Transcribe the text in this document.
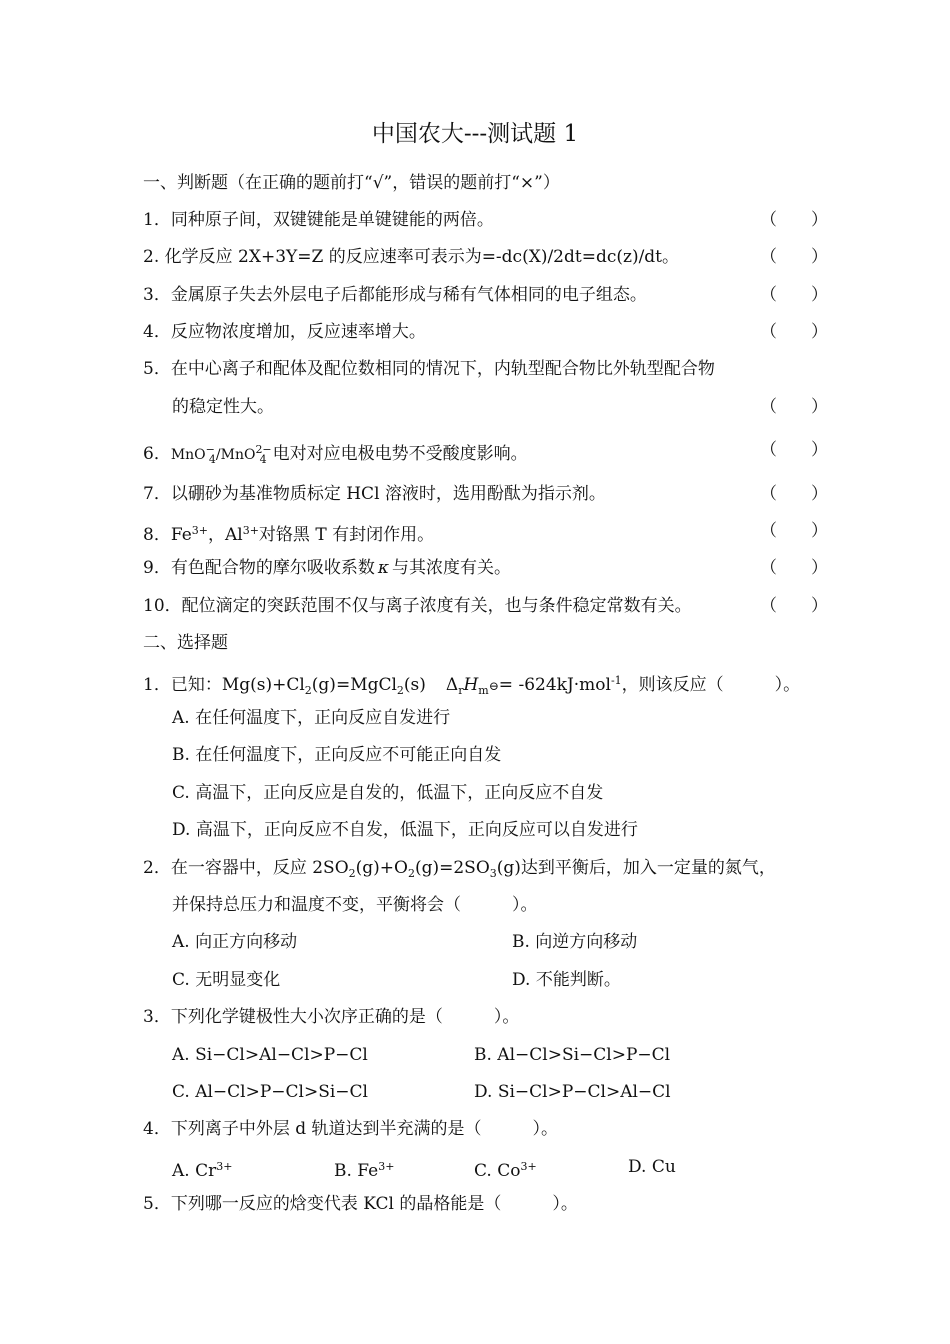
中国农大---测试题 1
一、判断题（在正确的题前打“√”，错误的题前打“×”）
1．同种原子间，双键键能是单键键能的两倍。	（　　）
2. 化学反应 2X+3Y=Z 的反应速率可表示为=-dc(X)/2dt=dc(z)/dt。	（　　）
3．金属原子失去外层电子后都能形成与稀有气体相同的电子组态。	（　　）
4．反应物浓度增加，反应速率增大。	（　　）
5．在中心离子和配体及配位数相同的情况下，内轨型配合物比外轨型配合物
的稳定性大。	（　　）
6．MnO−$_4$/MnO$^{2-}_4$ 电对对应电极电势不受酸度影响。	（　　）
7．以硼砂为基准物质标定 HCl 溶液时，选用酚酞为指示剂。	（　　）
8．$Fe^{3+}$，$Al^{3+}$对铬黑 T 有封闭作用。	（　　）
9．有色配合物的摩尔吸收系数 κ 与其浓度有关。	（　　）
10．配位滴定的突跃范围不仅与离子浓度有关，也与条件稳定常数有关。	（　　）
二、选择题
1．已知：$Mg(s)+Cl_2(g)=MgCl_2(s)$ $\Delta_rH_m⊖= -624kJ\cdot mol^{-1}$，则该反应（　　　）。
A. 在任何温度下，正向反应自发进行
B. 在任何温度下，正向反应不可能正向自发
C. 高温下，正向反应是自发的，低温下，正向反应不自发
D. 高温下，正向反应不自发，低温下，正向反应可以自发进行
2．在一容器中，反应 $2SO_2(g)+O_2(g)=2SO_3(g)$达到平衡后，加入一定量的氮气，
并保持总压力和温度不变，平衡将会（　　　）。
A. 向正方向移动	B. 向逆方向移动
C. 无明显变化	D. 不能判断。
3．下列化学键极性大小次序正确的是（　　　）。
A. Si−Cl>Al−Cl>P−Cl	B. Al−Cl>Si−Cl>P−Cl
C. Al−Cl>P−Cl>Si−Cl	D. Si−Cl>P−Cl>Al−Cl
4．下列离子中外层 d 轨道达到半充满的是（　　　）。
A. $Cr^{3+}$	B. $Fe^{3+}$	C. $Co^{3+}$	D. Cu
5．下列哪一反应的焓变代表 KCl 的晶格能是（　　　）。
